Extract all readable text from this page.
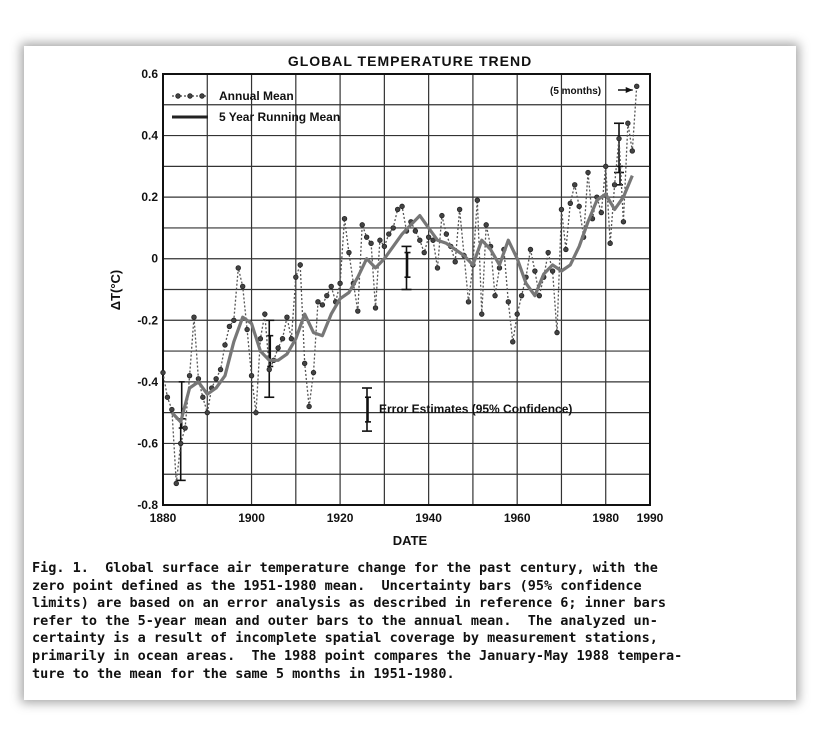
1880	1900	1920	1940	1960	1980 1990
0.6
0.4
0.2
0
-0.2
-0.4
-0.6
-0.8
Annual Mean
5 Year Running Mean
GLOBAL TEMPERATURE TREND
DATE
ΔT(°C)
(5 months)
Error Estimates (95% Confidence)
Fig. 1.  Global surface air temperature change for the past century, with the
zero point defined as the 1951-1980 mean.  Uncertainty bars (95% confidence
limits) are based on an error analysis as described in reference 6; inner bars
refer to the 5-year mean and outer bars to the annual mean.  The analyzed un-
certainty is a result of incomplete spatial coverage by measurement stations,
primarily in ocean areas.  The 1988 point compares the January-May 1988 tempera-
ture to the mean for the same 5 months in 1951-1980.
